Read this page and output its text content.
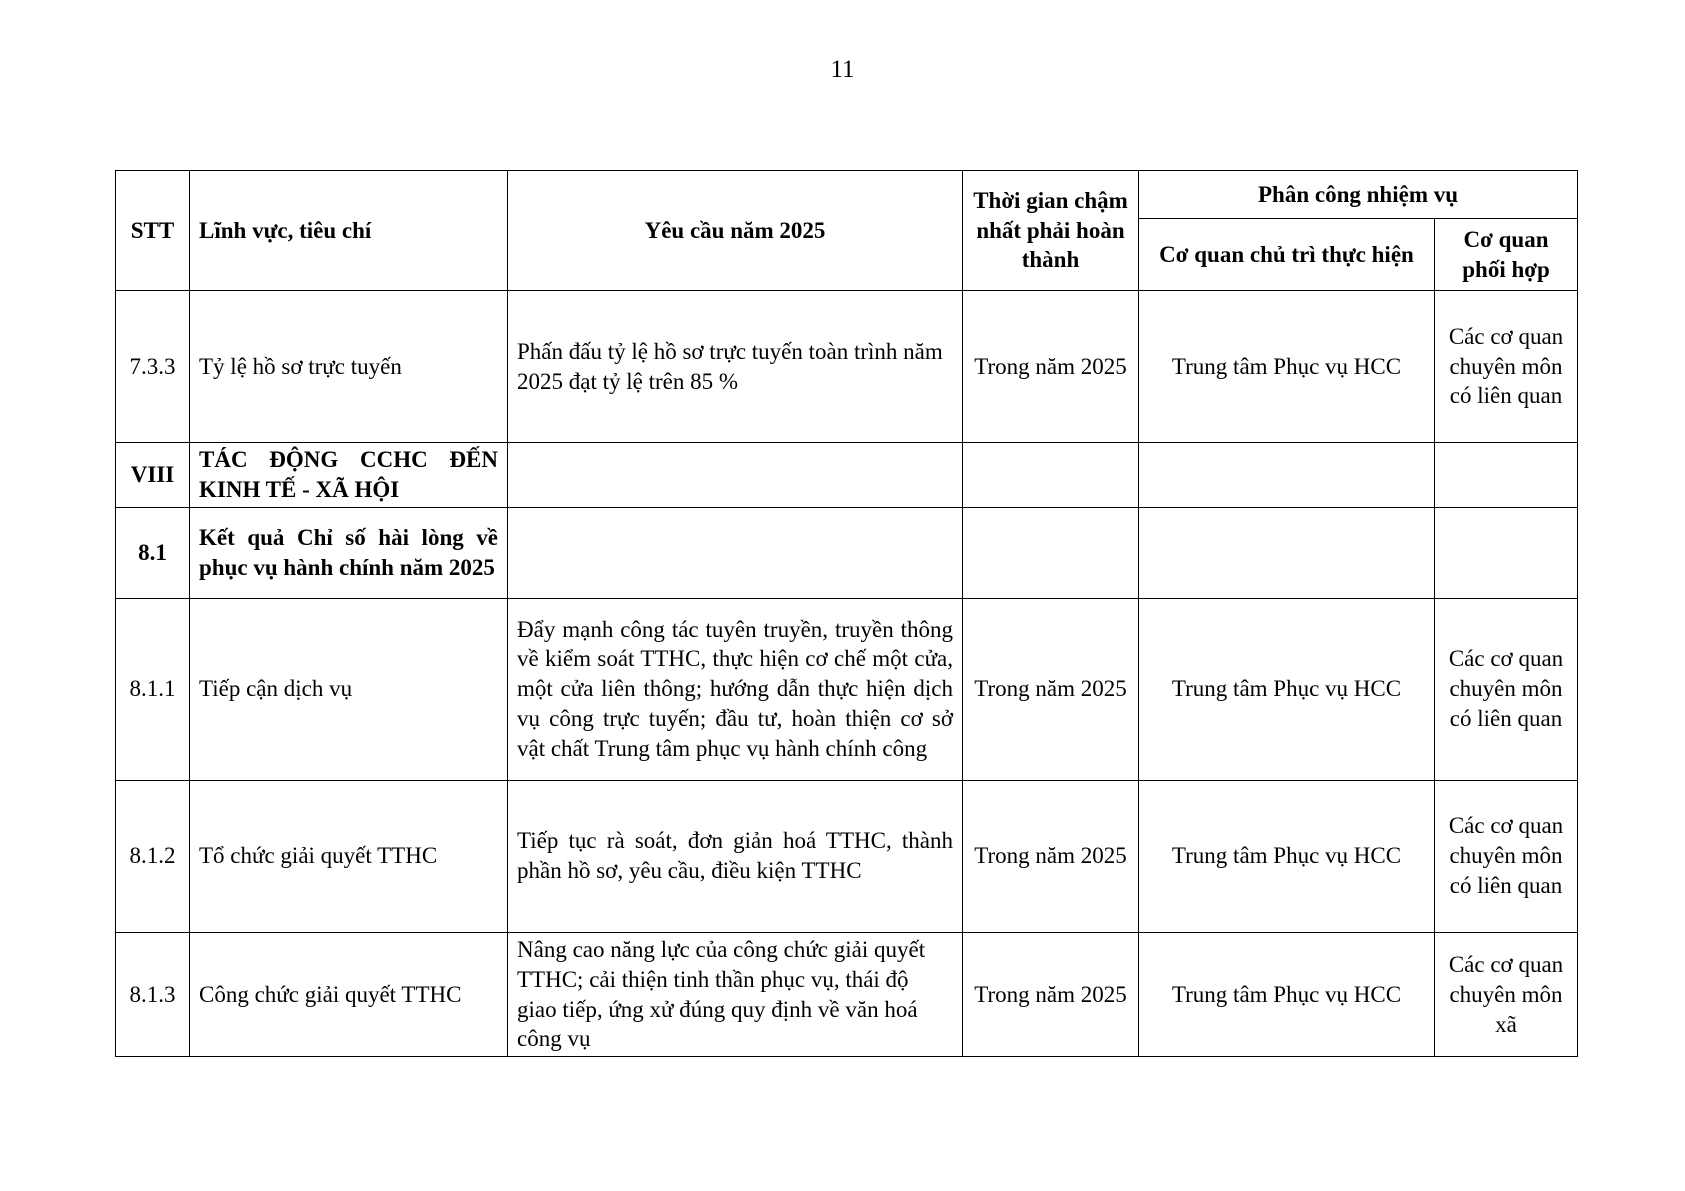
11
STT	Lĩnh vực, tiêu chí	Yêu cầu năm 2025	Thời gian chậm nhất phải hoàn thành	Phân công nhiệm vụ	
				Cơ quan chủ trì thực hiện	Cơ quan phối hợp
7.3.3	Tỷ lệ hồ sơ trực tuyến	Phấn đấu tỷ lệ hồ sơ trực tuyến toàn trình năm 2025 đạt tỷ lệ trên 85 %	Trong năm 2025	Trung tâm Phục vụ HCC	Các cơ quan chuyên môn có liên quan
VIII	TÁC ĐỘNG CCHC ĐẾN KINH TẾ - XÃ HỘI				
8.1	Kết quả Chỉ số hài lòng về phục vụ hành chính năm 2025				
8.1.1	Tiếp cận dịch vụ	Đẩy mạnh công tác tuyên truyền, truyền thông về kiểm soát TTHC, thực hiện cơ chế một cửa, một cửa liên thông; hướng dẫn thực hiện dịch vụ công trực tuyến; đầu tư, hoàn thiện cơ sở vật chất Trung tâm phục vụ hành chính công	Trong năm 2025	Trung tâm Phục vụ HCC	Các cơ quan chuyên môn có liên quan
8.1.2	Tổ chức giải quyết TTHC	Tiếp tục rà soát, đơn giản hoá TTHC, thành phần hồ sơ, yêu cầu, điều kiện TTHC	Trong năm 2025	Trung tâm Phục vụ HCC	Các cơ quan chuyên môn có liên quan
8.1.3	Công chức giải quyết TTHC	Nâng cao năng lực của công chức giải quyết TTHC; cải thiện tinh thần phục vụ, thái độ giao tiếp, ứng xử đúng quy định về văn hoá công vụ	Trong năm 2025	Trung tâm Phục vụ HCC	Các cơ quan chuyên môn xã
